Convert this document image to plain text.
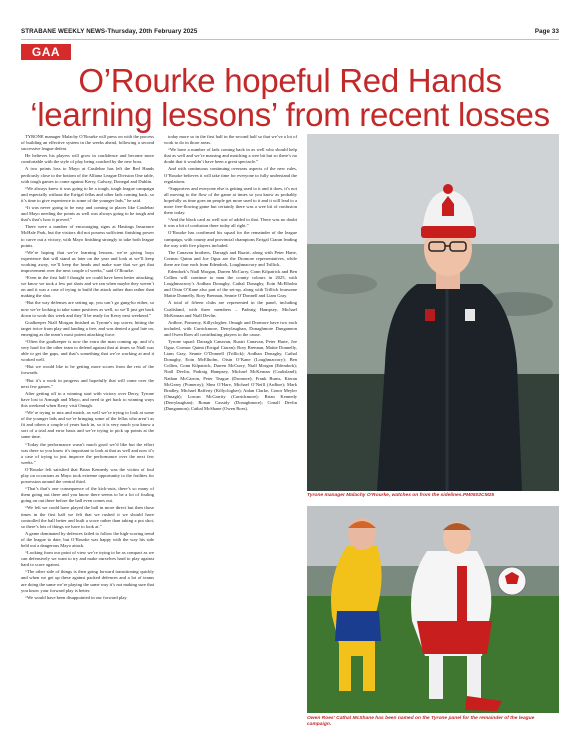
STRABANE WEEKLY NEWS-Thursday, 20th February 2025	Page 33
GAA
O’Rourke hopeful Red Hands ‘learning lessons’ from recent losses

TYRONE manager Malachy O’Rourke will press on with the process of building an effective system in the weeks ahead, following a second successive league defeat.

He believes his players will grow in confidence and become more comfortable with the style of play being coached by the new boss.

A two points loss to Mayo at Castlebar has left the Red Hands perilously close to the bottom of the Allianz League Division One table, with tough games to come against Kerry, Galway, Donegal and Dublin.

“We always knew it was going to be a tough, tough league campaign and especially without the Errigal fellas and other lads coming back, so it’s time to give experience to some of the younger lads,” he said.

“It was never going to be easy and coming to places like Castlebar and Mayo needing the points as well was always going to be tough and that’s that’s how it proved.”

There were a number of encouraging signs at Hastings Insurance McHale Park, but the visitors did not possess sufficient finishing power to carve out a victory, with Mayo finishing strongly to take both league points.

“We’re hoping that we’re learning lessons, we’re giving boys experience that will stand us later on the year and look at we’ll keep working away, we’ll keep the heads and make sure that we get that improvement over the next couple of weeks,” said O’Rourke.

“Even in the first half I thought we could have been better attacking, we know we took a few pot shots and we ran when maybe they weren’t on and it was a case of trying to build the attack rather than rather than making the shot.

“But the way defenses are setting up, you can’t go gung-ho either, so now we’re looking to take some positives as well, so we’ll just get back down to work this week and they’ll be ready for Kerry next weekend.”

Goalkeeper Niall Morgan finished as Tyrone’s top scorer, hitting the target twice from play and landing a free, and was denied a goal late on, emerging as the team’s most potent attacking force.

“Often the goalkeeper is now the extra the man coming up, and it’s very hard for the other team to defend against that at times so Niall was able to get the gaps, and that’s something that we’re working at and it worked well.

“But we would like to be getting more scores from the rest of the forwards.

“But it’s a work in progress and hopefully that will come over the next few games.”

After getting off to a winning start with victory over Derry, Tyrone have lost to Armagh and Mayo, and need to get back to winning ways this weekend when Kerry visit Omagh.

“We’re trying to mix and match, as well we’re trying to look at some of the younger lads and we’re bringing some of the fellas who aren’t as fit and others a couple of years back in, so it is very much you know a sort of a trial and error basis and we’re trying to pick up points at the same time.

“Today the performance wasn’t much good we’d like but the effort was there so you know it’s important to look at that as well and now it’s a case of trying to just improve the performance over the next few weeks.”

O’Rourke felt satisfied that Brian Kennedy was the victim of foul play on occasions as Mayo took extreme opportunity to the frailties for possession around the central third.

“That’s that’s one consequence of the kick-outs, there’s so many of them going out there and you know there seems to be a lot of fouling going on out there before the ball even comes out.

“We felt we could have played the ball in more direct but then those times in the first half we felt that we rushed it we should have controlled the ball better and built a score rather than taking a pot shot, so there’s lots of things we have to look at.”

A game dominated by defences failed to follow the high-scoring trend of the league to date, but O’Rourke was happy with the way his side held out a dangerous Mayo attack.

“Looking from our point of view we’re trying to be as compact as we can defensively we want to try and make ourselves hard to play against hard to score against.

“The other side of things is then going forward transitioning quickly and when we get up these against packed defences and a lot of teams are doing the same we’re playing the same way it’s not making sure that you know your forward play is better.

“We would have been disappointed in our forward play

today more so in the first half in the second half so that we’ve a lot of work to do in those areas.

“We have a number of lads coming back in as well who should help that as well and we’re massing and matching a wee bit but so there’s no doubt that it wouldn’t have been a great spectacle.”

And with continuous continuing overseas aspects of the new rules, O’Rourke believes it will take time for everyone to fully understand the regulations.

“Supporters and everyone else is getting used to it and it does, it’s not all moving to the flow of the game at times so you know as probably hopefully as time goes on people get more used to it and it will lead to a more free-flowing game but certainly there was a wee bit of confusion there today.

“And the black card as well sort of added to that. There was no doubt it was a bit of confusion there today all right.”

O’Rourke has confirmed his squad for the remainder of the league campaign, with county and provincial champions Errigal Ciaran leading the way with five players included.

The Canavan brothers, Darragh and Ruairi, along with Peter Harte, Cormac Quinn and Joe Oguz are the Dromore representatives, while there are four each from Edendork, Loughmacrory and Trillick.

Edendork’s Niall Morgan, Darren McCurry, Conn Kilpatrick and Ben Collins will continue to man the county colours in 2025, with Loughmacrory’s Aodhan Donaghy, Cathal Donaghy, Eoin McElholm and Oisin O’Kane also part of the set-up, along with Trillick foursome Mattie Donnelly, Rory Brennan, Seanie O’Donnell and Liam Gray.

A total of fifteen clubs are represented in the panel, including Coalisland, with three members – Padraig Hampsey, Michael McKernan and Niall Devlin.

Ardboe, Pomeroy, Killyclogher, Omagh and Dromore have two each included, with Carrickmore, Derrylaughan, Donaghmore Dungannon and Owen Roes all contributing players to the cause.

Tyrone squad: Darragh Canavan, Ruairi Canavan, Peter Harte, Joe Oguz, Cormac Quinn (Errigal Ciaran); Rory Brennan, Mattie Donnelly, Liam Gray, Seanie O’Donnell (Trillick); Aodhan Donaghy, Cathal Donaghy, Eoin McElholm, Oisin O’Kane (Loughmacrory); Ben Collins, Conn Kilpatrick, Darren McCurry, Niall Morgan (Edendork); Niall Devlin, Padraig Hampsey, Michael McKernan (Coalisland); Nathan McCarron, Peter Teague (Dromore); Frank Burns, Kieran McGeary (Pomeroy); Shea O’Hare, Michael O’Neill (Ardboe); Mark Bradley, Michael Rafferty (Killyclogher); Aidan Clarke, Conor Meyler (Omagh); Lorcan McGarrity (Carrickmore); Brian Kennedy (Derrylaughan); Ronan Cassidy (Donaghmore); Conall Devlin (Dungannon); Cathal McShane (Owen Roes).

Tyrone manager Malachy O’Rourke, watches on from the sidelines.PM0502CM25
Owen Roes’ Cathal McShane has been named on the Tyrone panel for the remainder of the league campaign.
